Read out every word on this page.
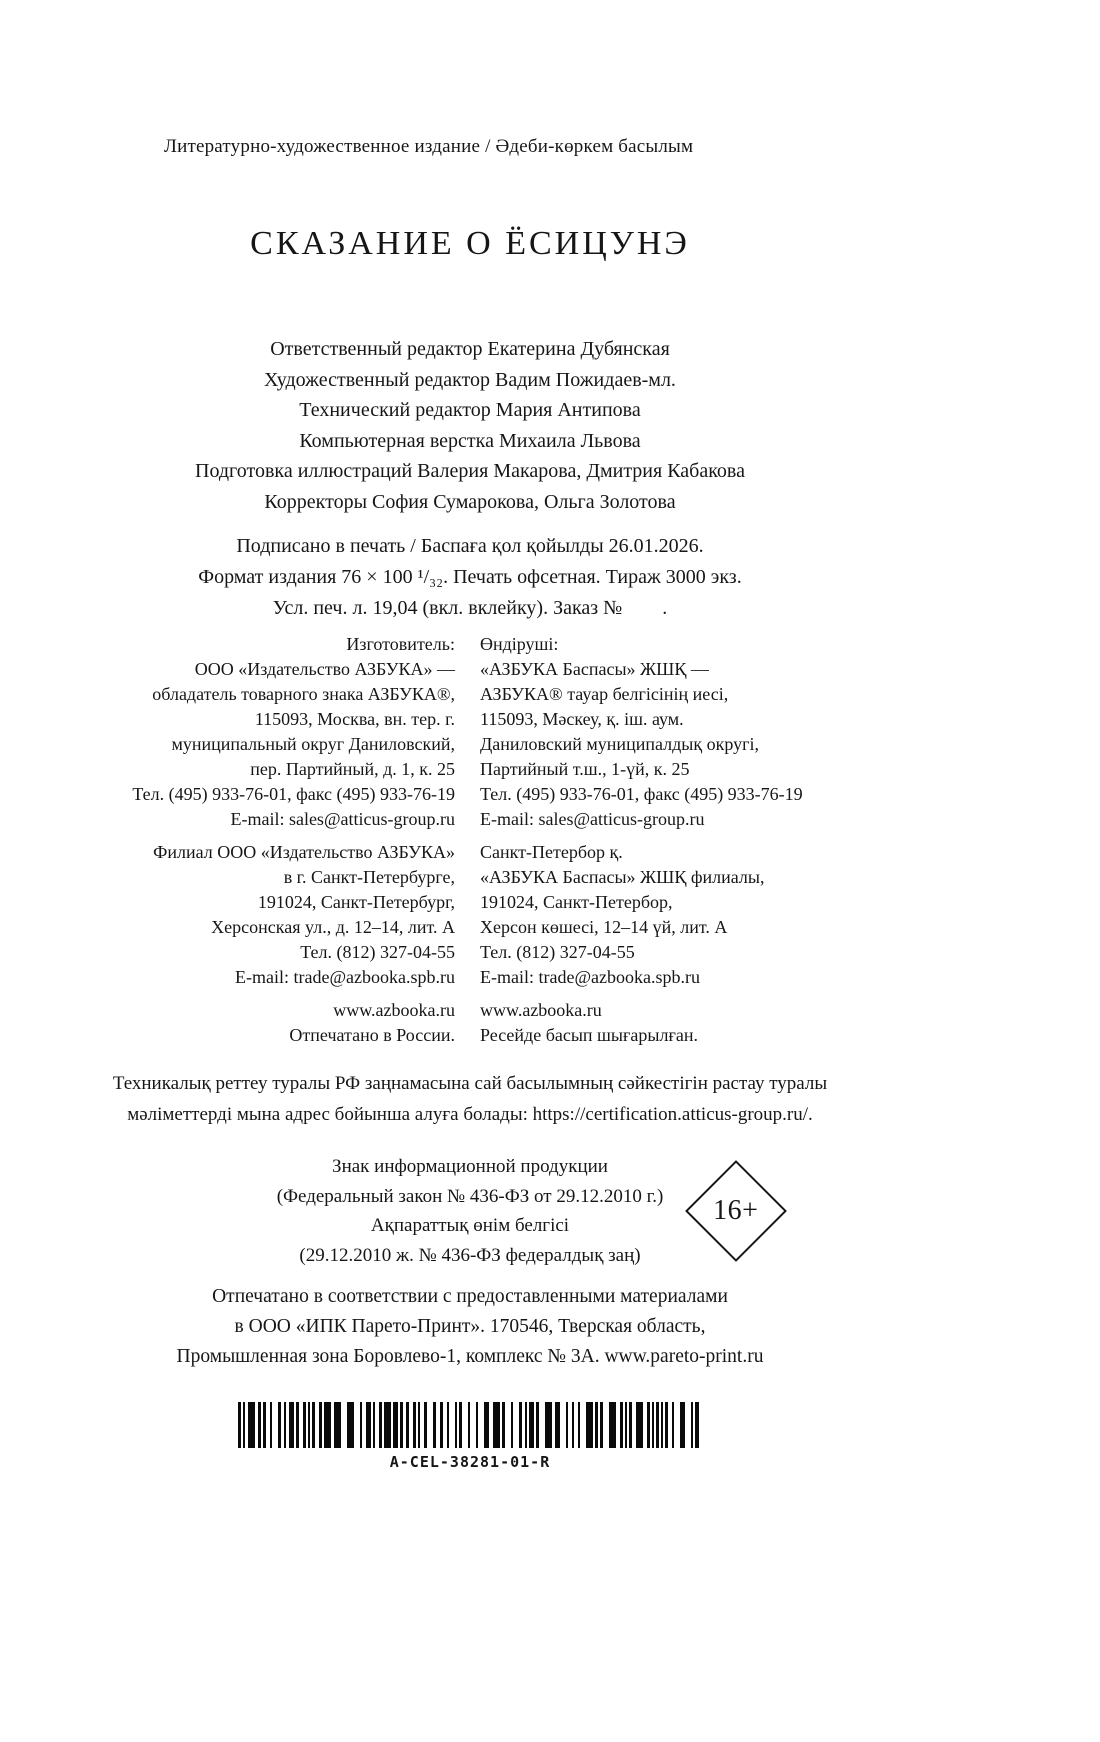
Литературно-художественное издание / Әдеби-көркем басылым
СКАЗАНИЕ О ЁСИЦУНЭ
Ответственный редактор Екатерина Дубянская
Художественный редактор Вадим Пожидаев-мл.
Технический редактор Мария Антипова
Компьютерная верстка Михаила Львова
Подготовка иллюстраций Валерия Макарова, Дмитрия Кабакова
Корректоры София Сумарокова, Ольга Золотова
Подписано в печать / Баспаға қол қойылды 26.01.2026.
Формат издания 76 × 100 ¹/₃₂. Печать офсетная. Тираж 3000 экз.
Усл. печ. л. 19,04 (вкл. вклейку). Заказ №        .
Изготовитель:
ООО «Издательство АЗБУКА» —
обладатель товарного знака АЗБУКА®,
115093, Москва, вн. тер. г.
муниципальный округ Даниловский,
пер. Партийный, д. 1, к. 25
Тел. (495) 933-76-01, факс (495) 933-76-19
E-mail: sales@atticus-group.ru
Филиал ООО «Издательство АЗБУКА»
в г. Санкт-Петербурге,
191024, Санкт-Петербург,
Херсонская ул., д. 12–14, лит. А
Тел. (812) 327-04-55
E-mail: trade@azbooka.spb.ru
www.azbooka.ru
Отпечатано в России.
Өндіруші:
«АЗБУКА Баспасы» ЖШҚ —
АЗБУКА® тауар белгісінің иесі,
115093, Мәскеу, қ. іш. аум.
Даниловский муниципалдық округі,
Партийный т.ш., 1-үй, к. 25
Тел. (495) 933-76-01, факс (495) 933-76-19
E-mail: sales@atticus-group.ru
Санкт-Петербор қ.
«АЗБУКА Баспасы» ЖШҚ филиалы,
191024, Санкт-Петербор,
Херсон көшесі, 12–14 үй, лит. А
Тел. (812) 327-04-55
E-mail: trade@azbooka.spb.ru
www.azbooka.ru
Ресейде басып шығарылған.
Техникалық реттеу туралы РФ заңнамасына сай басылымның сәйкестігін растау туралы
мәліметтерді мына адрес бойынша алуға болады: https://certification.atticus-group.ru/.
Знак информационной продукции
(Федеральный закон № 436-ФЗ от 29.12.2010 г.)
Ақпараттық өнім белгісі
(29.12.2010 ж. № 436-ФЗ федералдық заң)
16+
Отпечатано в соответствии с предоставленными материалами
в ООО «ИПК Парето-Принт». 170546, Тверская область,
Промышленная зона Боровлево-1, комплекс № 3А. www.pareto-print.ru
A-CEL-38281-01-R
